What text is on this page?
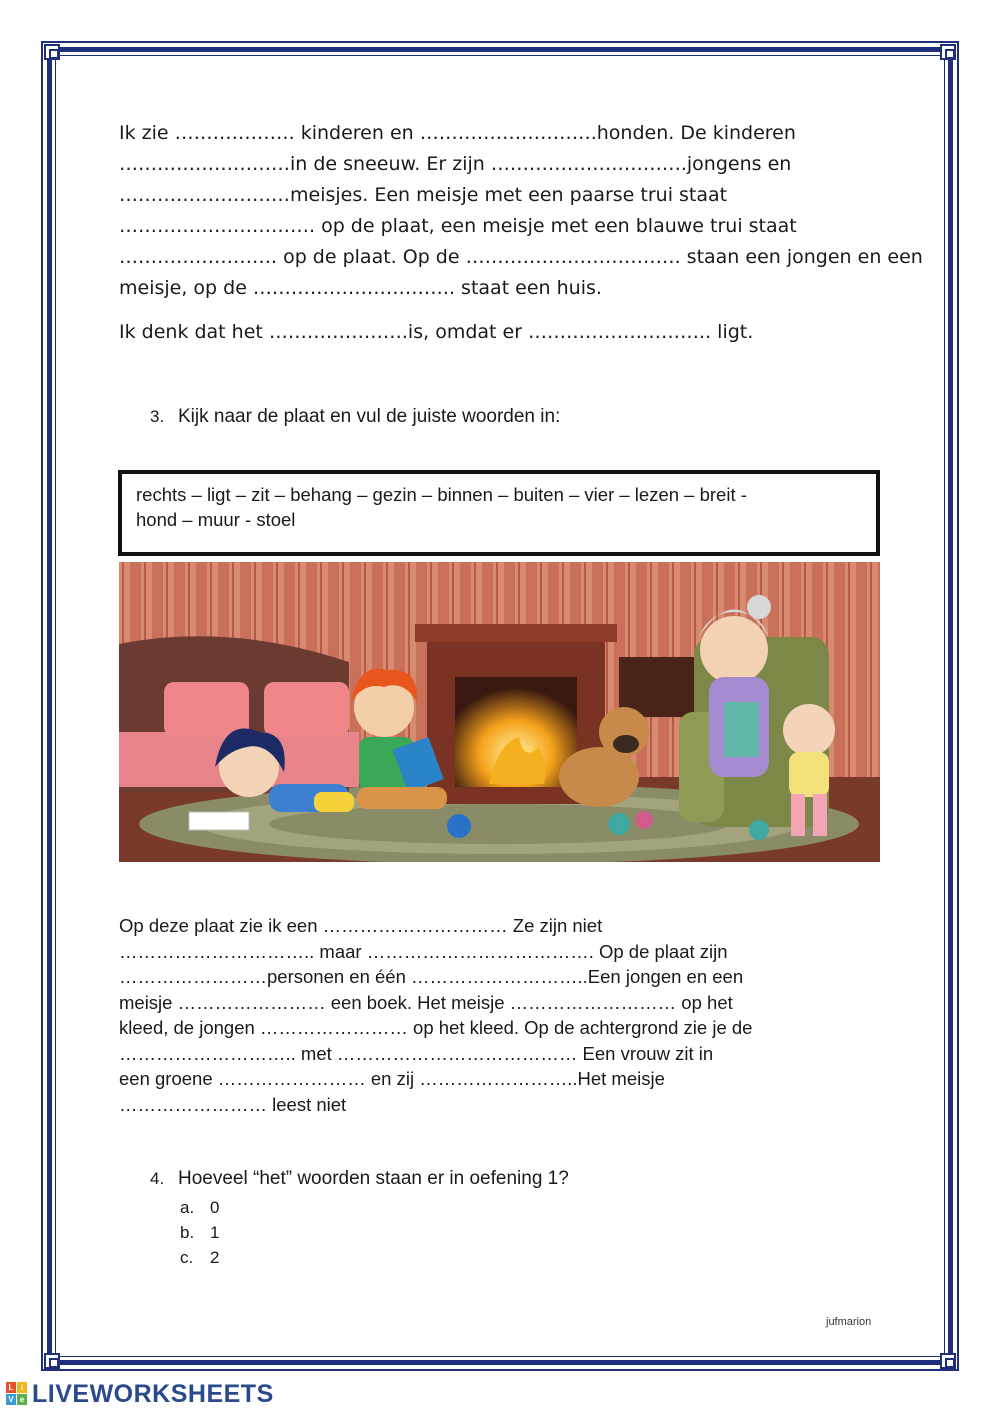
Ik zie ………………. kinderen en ……………………….honden. De kinderen
………………………in de sneeuw. Er zijn ………………………….jongens en
………………………meisjes. Een meisje met een paarse trui staat
…………………………. op de plaat, een meisje met een blauwe trui staat
……………………. op de plaat. Op de ……………………………. staan een jongen en een
meisje, op de ………………………….. staat een huis.
Ik denk dat het ………………….is, omdat er ……………………….. ligt.
3. Kijk naar de plaat en vul de juiste woorden in:
rechts – ligt – zit – behang – gezin – binnen – buiten – vier – lezen – breit -
hond – muur - stoel
Op deze plaat zie ik een ………………………… Ze zijn niet
………………………….. maar ………………………………. Op de plaat zijn
……………………personen en één ………………………..Een jongen en een
meisje …………………… een boek. Het meisje ……………………… op het
kleed, de jongen …………………… op het kleed. Op de achtergrond zie je de
……………………….. met ………………………………… Een vrouw zit in
een groene …………………… en zij ……………………..Het meisje
…………………… leest niet
4. Hoeveel “het” woorden staan er in oefening 1?
a. 0
b. 1
c. 2
jufmarion
L i
V e LIVEWORKSHEETS
